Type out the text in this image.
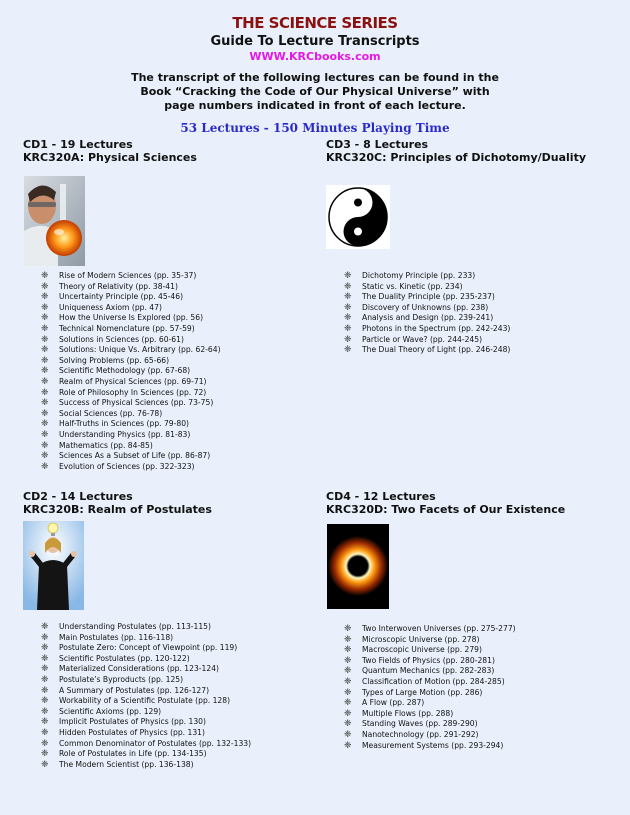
THE SCIENCE SERIES
Guide To Lecture Transcripts
WWW.KRCbooks.com
The transcript of the following lectures can be found in the
Book “Cracking the Code of Our Physical Universe” with
page numbers indicated in front of each lecture.
53 Lectures - 150 Minutes Playing Time
CD1 - 19 Lectures
KRC320A: Physical Sciences
❈ Rise of Modern Sciences (pp. 35-37)
❈ Theory of Relativity (pp. 38-41)
❈ Uncertainty Principle (pp. 45-46)
❈ Uniqueness Axiom (pp. 47)
❈ How the Universe Is Explored (pp. 56)
❈ Technical Nomenclature (pp. 57-59)
❈ Solutions in Sciences (pp. 60-61)
❈ Solutions: Unique Vs. Arbitrary (pp. 62-64)
❈ Solving Problems (pp. 65-66)
❈ Scientific Methodology (pp. 67-68)
❈ Realm of Physical Sciences (pp. 69-71)
❈ Role of Philosophy In Sciences (pp. 72)
❈ Success of Physical Sciences (pp. 73-75)
❈ Social Sciences (pp. 76-78)
❈ Half-Truths in Sciences (pp. 79-80)
❈ Understanding Physics (pp. 81-83)
❈ Mathematics (pp. 84-85)
❈ Sciences As a Subset of Life (pp. 86-87)
❈ Evolution of Sciences (pp. 322-323)
CD3 - 8 Lectures
KRC320C: Principles of Dichotomy/Duality
❈ Dichotomy Principle (pp. 233)
❈ Static vs. Kinetic (pp. 234)
❈ The Duality Principle (pp. 235-237)
❈ Discovery of Unknowns (pp. 238)
❈ Analysis and Design (pp. 239-241)
❈ Photons in the Spectrum (pp. 242-243)
❈ Particle or Wave? (pp. 244-245)
❈ The Dual Theory of Light (pp. 246-248)
CD2 - 14 Lectures
KRC320B: Realm of Postulates
❈ Understanding Postulates (pp. 113-115)
❈ Main Postulates (pp. 116-118)
❈ Postulate Zero: Concept of Viewpoint (pp. 119)
❈ Scientific Postulates (pp. 120-122)
❈ Materialized Considerations (pp. 123-124)
❈ Postulate’s Byproducts (pp. 125)
❈ A Summary of Postulates (pp. 126-127)
❈ Workability of a Scientific Postulate (pp. 128)
❈ Scientific Axioms (pp. 129)
❈ Implicit Postulates of Physics (pp. 130)
❈ Hidden Postulates of Physics (pp. 131)
❈ Common Denominator of Postulates (pp. 132-133)
❈ Role of Postulates in Life (pp. 134-135)
❈ The Modern Scientist (pp. 136-138)
CD4 - 12 Lectures
KRC320D: Two Facets of Our Existence
❈ Two Interwoven Universes (pp. 275-277)
❈ Microscopic Universe (pp. 278)
❈ Macroscopic Universe (pp. 279)
❈ Two Fields of Physics (pp. 280-281)
❈ Quantum Mechanics (pp. 282-283)
❈ Classification of Motion (pp. 284-285)
❈ Types of Large Motion (pp. 286)
❈ A Flow (pp. 287)
❈ Multiple Flows (pp. 288)
❈ Standing Waves (pp. 289-290)
❈ Nanotechnology (pp. 291-292)
❈ Measurement Systems (pp. 293-294)
